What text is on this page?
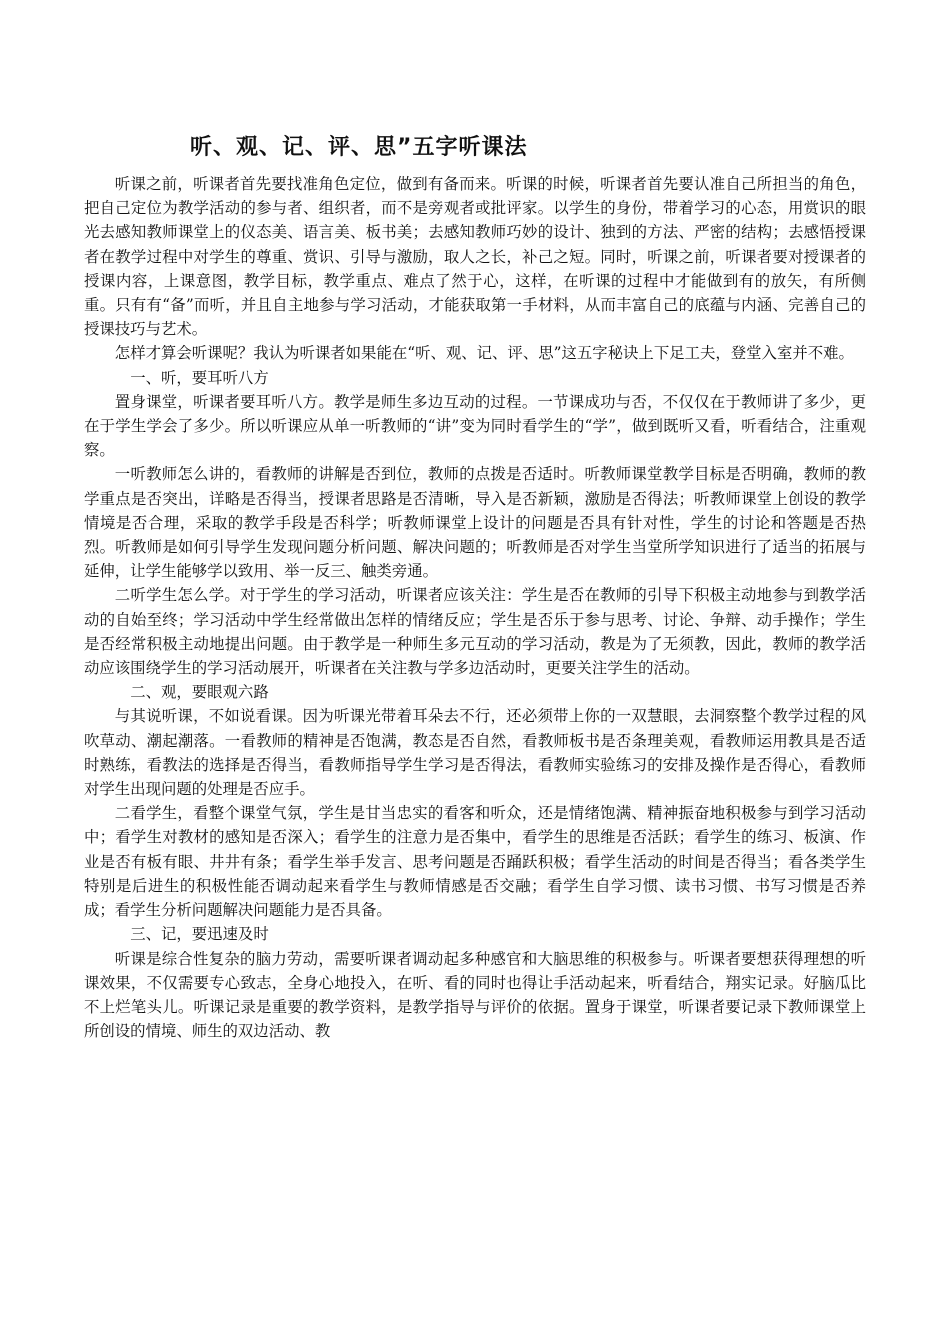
听、观、记、评、思”五字听课法

听课之前，听课者首先要找准角色定位，做到有备而来。听课的时候，听课者首先要认准自己所担当的角色，把自己定位为教学活动的参与者、组织者，而不是旁观者或批评家。以学生的身份，带着学习的心态，用赏识的眼光去感知教师课堂上的仪态美、语言美、板书美；去感知教师巧妙的设计、独到的方法、严密的结构；去感悟授课者在教学过程中对学生的尊重、赏识、引导与激励，取人之长，补己之短。同时，听课之前，听课者要对授课者的授课内容，上课意图，教学目标，教学重点、难点了然于心，这样，在听课的过程中才能做到有的放矢，有所侧重。只有有“备”而听，并且自主地参与学习活动，才能获取第一手材料，从而丰富自己的底蕴与内涵、完善自己的授课技巧与艺术。

怎样才算会听课呢？我认为听课者如果能在“听、观、记、评、思”这五字秘诀上下足工夫，登堂入室并不难。

一、听，要耳听八方

置身课堂，听课者要耳听八方。教学是师生多边互动的过程。一节课成功与否，不仅仅在于教师讲了多少，更在于学生学会了多少。所以听课应从单一听教师的“讲”变为同时看学生的“学”，做到既听又看，听看结合，注重观察。

一听教师怎么讲的，看教师的讲解是否到位，教师的点拨是否适时。听教师课堂教学目标是否明确，教师的教学重点是否突出，详略是否得当，授课者思路是否清晰，导入是否新颖，激励是否得法；听教师课堂上创设的教学情境是否合理，采取的教学手段是否科学；听教师课堂上设计的问题是否具有针对性，学生的讨论和答题是否热烈。听教师是如何引导学生发现问题分析问题、解决问题的；听教师是否对学生当堂所学知识进行了适当的拓展与延伸，让学生能够学以致用、举一反三、触类旁通。

二听学生怎么学。对于学生的学习活动，听课者应该关注：学生是否在教师的引导下积极主动地参与到教学活动的自始至终；学习活动中学生经常做出怎样的情绪反应；学生是否乐于参与思考、讨论、争辩、动手操作；学生是否经常积极主动地提出问题。由于教学是一种师生多元互动的学习活动，教是为了无须教，因此，教师的教学活动应该围绕学生的学习活动展开，听课者在关注教与学多边活动时，更要关注学生的活动。

二、观，要眼观六路

与其说听课，不如说看课。因为听课光带着耳朵去不行，还必须带上你的一双慧眼，去洞察整个教学过程的风吹草动、潮起潮落。一看教师的精神是否饱满，教态是否自然，看教师板书是否条理美观，看教师运用教具是否适时熟练，看教法的选择是否得当，看教师指导学生学习是否得法，看教师实验练习的安排及操作是否得心，看教师对学生出现问题的处理是否应手。

二看学生，看整个课堂气氛，学生是甘当忠实的看客和听众，还是情绪饱满、精神振奋地积极参与到学习活动中；看学生对教材的感知是否深入；看学生的注意力是否集中，看学生的思维是否活跃；看学生的练习、板演、作业是否有板有眼、井井有条；看学生举手发言、思考问题是否踊跃积极；看学生活动的时间是否得当；看各类学生特别是后进生的积极性能否调动起来看学生与教师情感是否交融；看学生自学习惯、读书习惯、书写习惯是否养成；看学生分析问题解决问题能力是否具备。

三、记，要迅速及时

听课是综合性复杂的脑力劳动，需要听课者调动起多种感官和大脑思维的积极参与。听课者要想获得理想的听课效果，不仅需要专心致志，全身心地投入，在听、看的同时也得让手活动起来，听看结合，翔实记录。好脑瓜比不上烂笔头儿。听课记录是重要的教学资料，是教学指导与评价的依据。置身于课堂，听课者要记录下教师课堂上所创设的情境、师生的双边活动、教
